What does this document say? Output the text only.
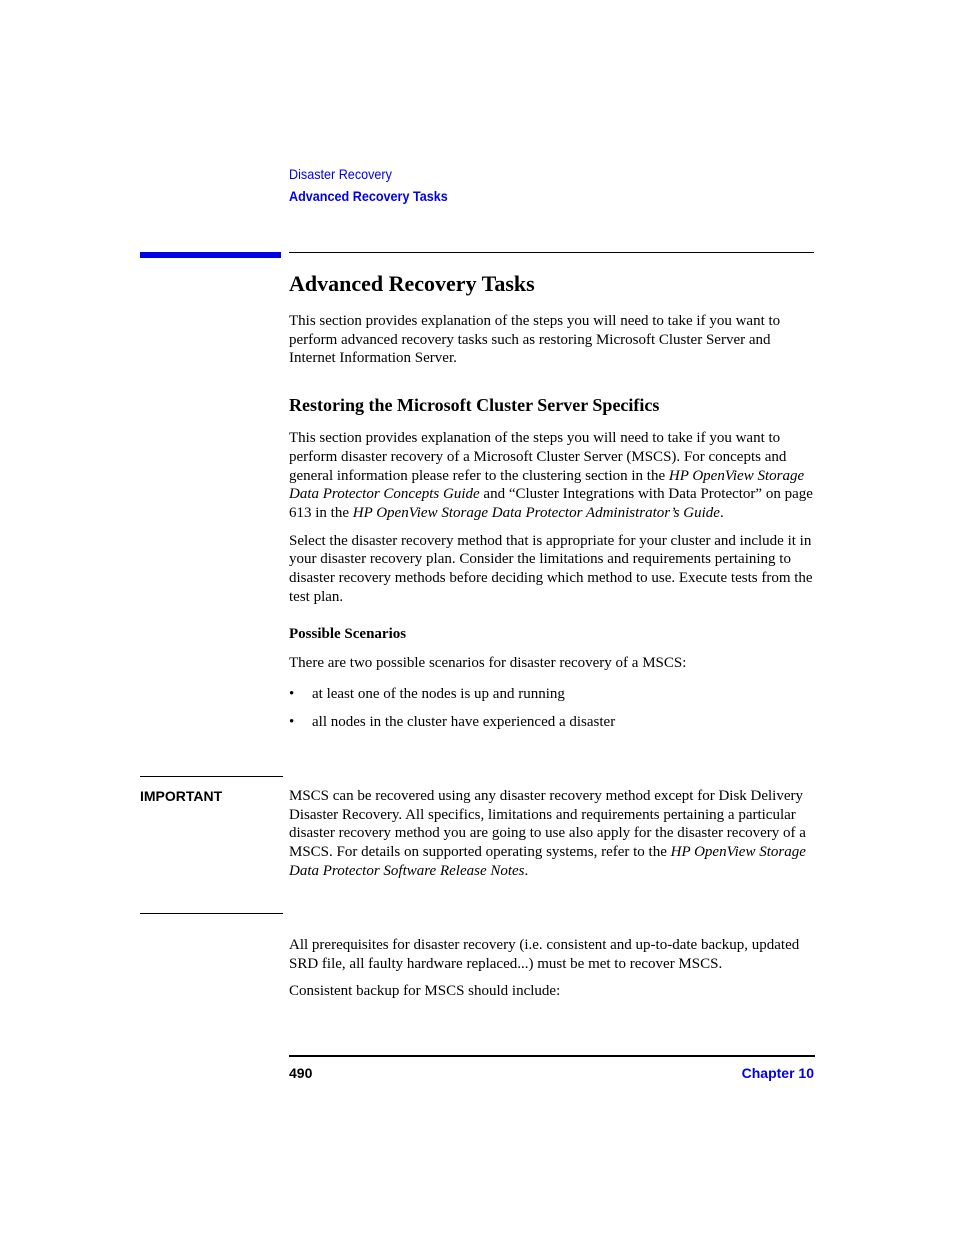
Disaster Recovery
Advanced Recovery Tasks
Advanced Recovery Tasks

This section provides explanation of the steps you will need to take if you want to perform advanced recovery tasks such as restoring Microsoft Cluster Server and Internet Information Server.

Restoring the Microsoft Cluster Server Specifics

This section provides explanation of the steps you will need to take if you want to perform disaster recovery of a Microsoft Cluster Server (MSCS). For concepts and general information please refer to the clustering section in the HP OpenView Storage Data Protector Concepts Guide and “Cluster Integrations with Data Protector” on page 613 in the HP OpenView Storage Data Protector Administrator’s Guide.

Select the disaster recovery method that is appropriate for your cluster and include it in your disaster recovery plan. Consider the limitations and requirements pertaining to disaster recovery methods before deciding which method to use. Execute tests from the test plan.

Possible Scenarios

There are two possible scenarios for disaster recovery of a MSCS:

• at least one of the nodes is up and running
• all nodes in the cluster have experienced a disaster
IMPORTANT	MSCS can be recovered using any disaster recovery method except for Disk Delivery Disaster Recovery. All specifics, limitations and requirements pertaining a particular disaster recovery method you are going to use also apply for the disaster recovery of a MSCS. For details on supported operating systems, refer to the HP OpenView Storage Data Protector Software Release Notes.

All prerequisites for disaster recovery (i.e. consistent and up-to-date backup, updated SRD file, all faulty hardware replaced...) must be met to recover MSCS.

Consistent backup for MSCS should include:

490	Chapter 10
